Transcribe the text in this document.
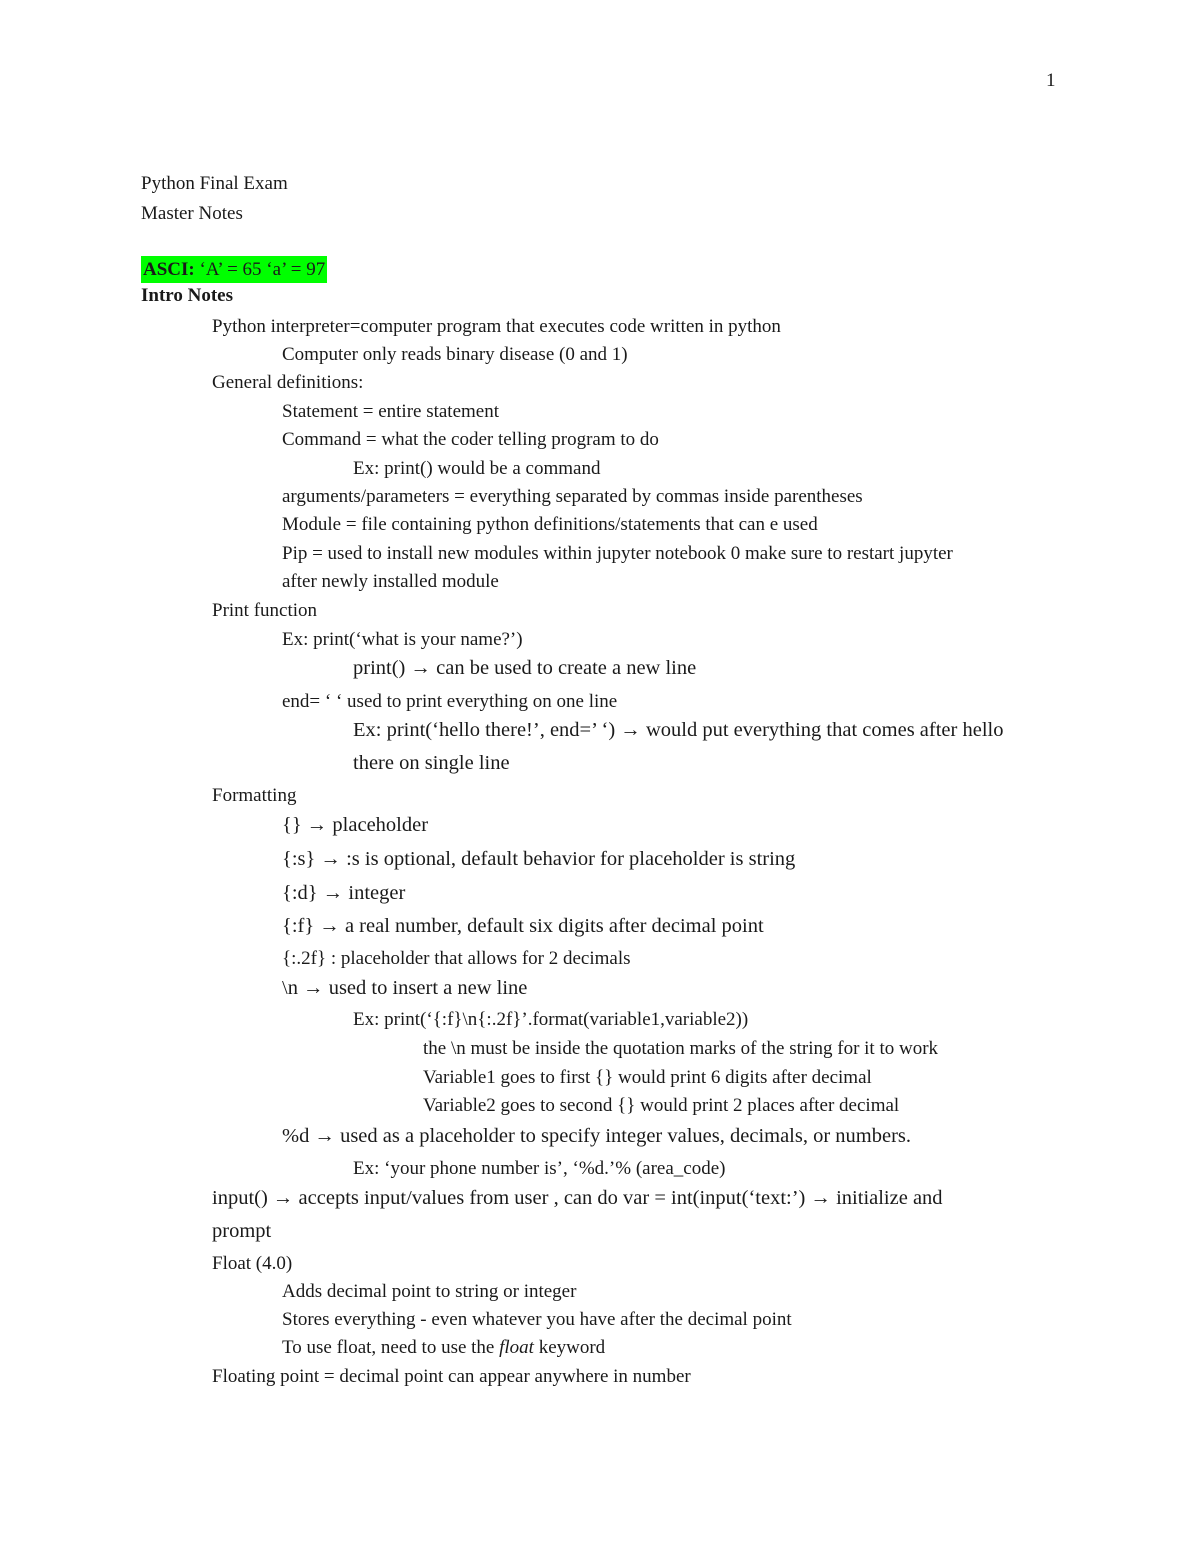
1
Python Final Exam
Master Notes
ASCI: ‘A’ = 65 ‘a’ = 97
Intro Notes
Python interpreter=computer program that executes code written in python
Computer only reads binary disease (0 and 1)
General definitions:
Statement = entire statement
Command = what the coder telling program to do
Ex: print() would be a command
arguments/parameters = everything separated by commas inside parentheses
Module = file containing python definitions/statements that can e used
Pip = used to install new modules within jupyter notebook 0 make sure to restart jupyter
after newly installed module
Print function
Ex: print(‘what is your name?’)
print() → can be used to create a new line
end= ‘ ‘ used to print everything on one line
Ex: print(‘hello there!’, end=’ ‘) → would put everything that comes after hello
there on single line
Formatting
{} → placeholder
{:s} → :s is optional, default behavior for placeholder is string
{:d} → integer
{:f} → a real number, default six digits after decimal point
{:.2f} : placeholder that allows for 2 decimals
\n → used to insert a new line
Ex: print(‘{:f}\n{:.2f}’.format(variable1,variable2))
the \n must be inside the quotation marks of the string for it to work
Variable1 goes to first {} would print 6 digits after decimal
Variable2 goes to second {} would print 2 places after decimal
%d → used as a placeholder to specify integer values, decimals, or numbers.
Ex: ‘your phone number is’, ‘%d.’% (area_code)
input() → accepts input/values from user , can do var = int(input(‘text:’) → initialize and
prompt
Float (4.0)
Adds decimal point to string or integer
Stores everything - even whatever you have after the decimal point
To use float, need to use the float keyword
Floating point = decimal point can appear anywhere in number
